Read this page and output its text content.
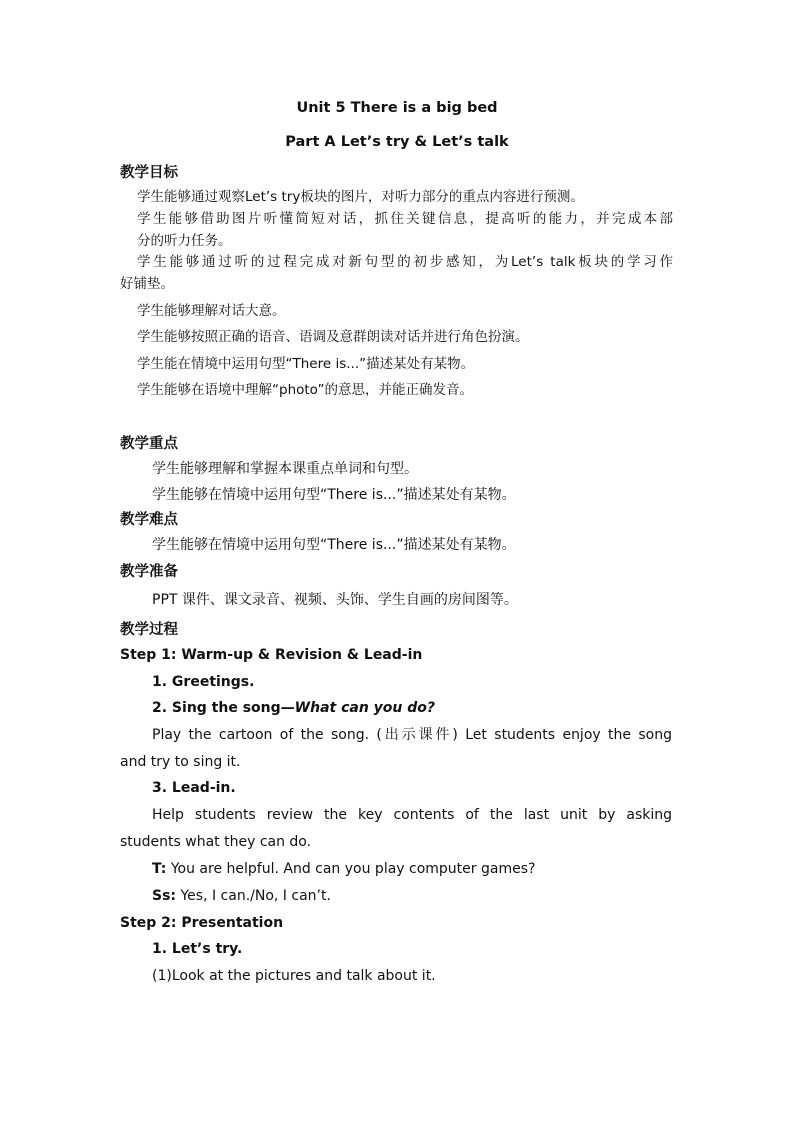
Unit 5 There is a big bed
Part A Let’s try & Let’s talk
教学目标
学生能够通过观察Let’s try板块的图片，对听力部分的重点内容进行预测。
学生能够借助图片听懂简短对话，抓住关键信息，提高听的能力，并完成本部
分的听力任务。
学生能够通过听的过程完成对新句型的初步感知，为Let’s talk板块的学习作
好铺垫。
学生能够理解对话大意。
学生能够按照正确的语音、语调及意群朗读对话并进行角色扮演。
学生能在情境中运用句型“There is...”描述某处有某物。
学生能够在语境中理解“photo”的意思，并能正确发音。
教学重点
学生能够理解和掌握本课重点单词和句型。
学生能够在情境中运用句型“There is...”描述某处有某物。
教学难点
学生能够在情境中运用句型“There is...”描述某处有某物。
教学准备
PPT 课件、课文录音、视频、头饰、学生自画的房间图等。
教学过程
Step 1: Warm-up & Revision & Lead-in
1. Greetings.
2. Sing the song—What can you do?
Play the cartoon of the song. (出示课件) Let students enjoy the song
and try to sing it.
3. Lead-in.
Help students review the key contents of the last unit by asking
students what they can do.
T: You are helpful. And can you play computer games?
Ss: Yes, I can./No, I can’t.
Step 2: Presentation
1. Let’s try.
(1)Look at the pictures and talk about it.
